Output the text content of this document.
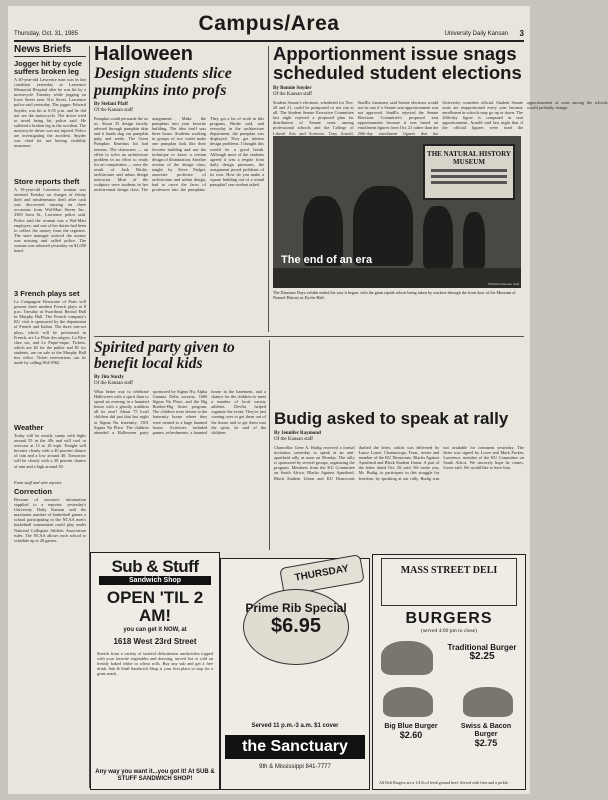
Thursday, Oct. 31, 1985	Campus/Area	University Daily Kansan 3
News Briefs
Jogger hit by cycle suffers broken leg
A 40-year-old Lawrence man was in fair condition yesterday at Lawrence Memorial Hospital after he was hit by a motorcycle Tuesday while jogging on Iowa Street near 31st Street, Lawrence police said yesterday. The jogger, Edward Snyder, was hit at 6:55 p.m. and he did not see the motorcycle. The driver tried to avoid being hit, police said. He suffered a broken leg in the accident. The motorcycle driver was not injured. Police are investigating the accident. Snyder was cited for not having visibility insurance.
Store reports theft
A 19-year-old Lawrence woman was arrested Tuesday on charges of felony theft and misdemeanor theft after cash was discovered missing on three occasions from Wal-Mart Stores Inc., 3300 Iowa St., Lawrence police said. Police said the woman was a Wal-Mart employee, and one of her duties had been to collect the money from the registers. The store manager noticed the money was missing and called police. The woman was released yesterday on $1,000 bond.
3 French plays set
La Compagnie Beaucaire of Paris will present three modern French plays at 8 p.m. Tuesday at Swarthout Recital Hall in Murphy Hall. The French company's KU visit is sponsored by the department of French and Italian. The three one-act plays, which will be performed in French, are La Pluie des nègres, La Fâce chez soi, and Le Pique-nique. Tickets, which are $2 for the public and $1 for students, are on sale at the Murphy Hall box office. Ticket reservations can be made by calling 864-3982.
Weather
Today will be mostly sunny with highs around 55 in the 40s and will cool to overcast at 15 to 18 mph. Tonight will become cloudy with a 40 percent chance of rain and a low around 40. Tomorrow will be cloudy with a 30 percent chance of rain and a high around 50.
From staff and wire reports
Correction
Because of incorrect information supplied to a reporter, yesterday's University Daily Kansan said the maximum number of basketball games a school participating in the NCAA men's basketball tournament could play under National Collegiate Athletic Association rules. The NCAA allows each school to schedule up to 28 games.
Halloween
Design students slice pumpkins into profs
By Stefani Pfaff
Of the Kansan staff
Pumpkin could persuade the ax us. About 35 design faculty advised through pumpkin skin and it hands dug out pumpkin pulp and seeds. The Great Pumpkin Emeritus hit had reasons. The characters — an effort to solve an architecture problem in an effort to ready for art competition — were the result of Jack Birdie, architecture and urban design instructor. Most of the sculptors were students in her architectural design class. The assignment: Make the pumpkins into your favorite building. The idea itself was three hours. Students working in groups of two could make one pumpkin look like their favorite building and use the technique to know a certain design of illumination. Another section of the design class, taught by Steve Padget, associate professor of architecture and urban design, had to carve the faces of professors into the pumpkins. They got a lot of work in this program, Birdie said, and everyday in the architecture department, the pumpkin was displayed. They got intense design problems. I thought this would be a good break. Although most of the students agreed it was a respite from daily design pressures, the assignment posed problems of its own. How do you make a square building out of a round pumpkin? one student asked.
Apportionment issue snags scheduled student elections
By Bonnie Snyder
Of the Kansan staff
Student Senate's elections, scheduled for Nov. 20 and 21, could be postponed or not run at all. The Student Senate Executive Committee last night rejected a proposed plan for distribution of Senate seats among professional schools and the College of Liberal Arts and Sciences. Tony Arnold, StudEx chairman, said Senate elections would not be run if a Senate seat apportionment was not approved. StudEx rejected the Senate Elections Committee's proposed seat apportionment because it was based on enrollment figures from Oct. 21 rather than the 20th-day enrollment figures that the University considers official. Student Senate seats are reapportioned every year because enrollment in schools may go up or down. The 20th-day figure is computed in seat apportionment. Arnold said last night that if the official figures were used the apportionment of seats among the schools would probably change.
THE NATURAL HISTORY MUSEUM
The end of an era
Williams/Kansan staff
The Dinosaur Days exhibit ended the way it began: with the giant reptile robots being taken by workers through the front door of the Museum of Natural History in Dyche Hall.
Spirited party given to benefit local kids
By Jim Stoxly
Of the Kansan staff
What better way to celebrate Halloween with a spirit than to spend an evening in a haunted house with a ghostly tradition all its own? About 75 local children did just that last night at Sigma Nu fraternity, 1501 Sigma Nu Place. The children attended a Halloween party sponsored by Sigma Nu, Alpha Gamma Delta sorority, 1600 Sigma Nu Place, and the Big Brother-Big Sister program. The children were driven to the fraternity house where they were treated to a huge haunted house. Activities included games, refreshments, a haunted house in the basement, and a chance for the children to meet a number of local varsity athletes. Devlin helped organize the event. They're just coming over to get them out of the house and to get them into the spirit, he said of the children.
Budig asked to speak at rally
By Jennifer Raymond
Of the Kansan staff
Chancellor Gene A. Budig received a formal invitation yesterday to speak at an anti-apartheid rally at noon on Monday. The rally is sponsored by several groups, organizing the program. Members from the KU Committee on South Africa, Blacks Against Apartheid, Black Student Union and KU Democrats drafted the letter, which was delivered by Lance Losee, Chattanooga, Tenn., senior and member of the KU Democrats. Blacks Against Apartheid and Black Student Union. A part of the letter, dated Oct. 30, said: We invite you, Mr. Budig, to participate in this struggle for freedom, by speaking at our rally. Budig was not available for comment yesterday. The letter was signed by Losee and Mark Packer, Lawrence, member of the KU Committee on South Africa. We sincerely hope he comes, Losee said. We would like to have him.
Sub & Stuff
Sandwich Shop
OPEN 'TIL 2 AM!
you can get it NOW, at
1618 West 23rd Street
Stretch from a variety of tasteful delicatessen sandwiches topped with your favorite vegetables and dressing, served hot or cold on freshly baked white or wheat rolls. Buy any sub and get a free drink. Sub & Stuff Sandwich Shop is your first place to stop for a great snack.
Any way you want it...you got it! At SUB & STUFF SANDWICH SHOP!
THURSDAY
Prime Rib Special
$6.95
Served 11 p.m.-3 a.m. $1 cover
the Sanctuary
9th & Mississippi 841-7777
MASS STREET DELI
BURGERS
(served 4:00 pm to close)
Traditional Burger
$2.25
Big Blue Burger
$2.60
Swiss & Bacon Burger
$2.75
All Deli Burgers are a 1/4 lb of fresh ground beef. Served with fries and a pickle.
